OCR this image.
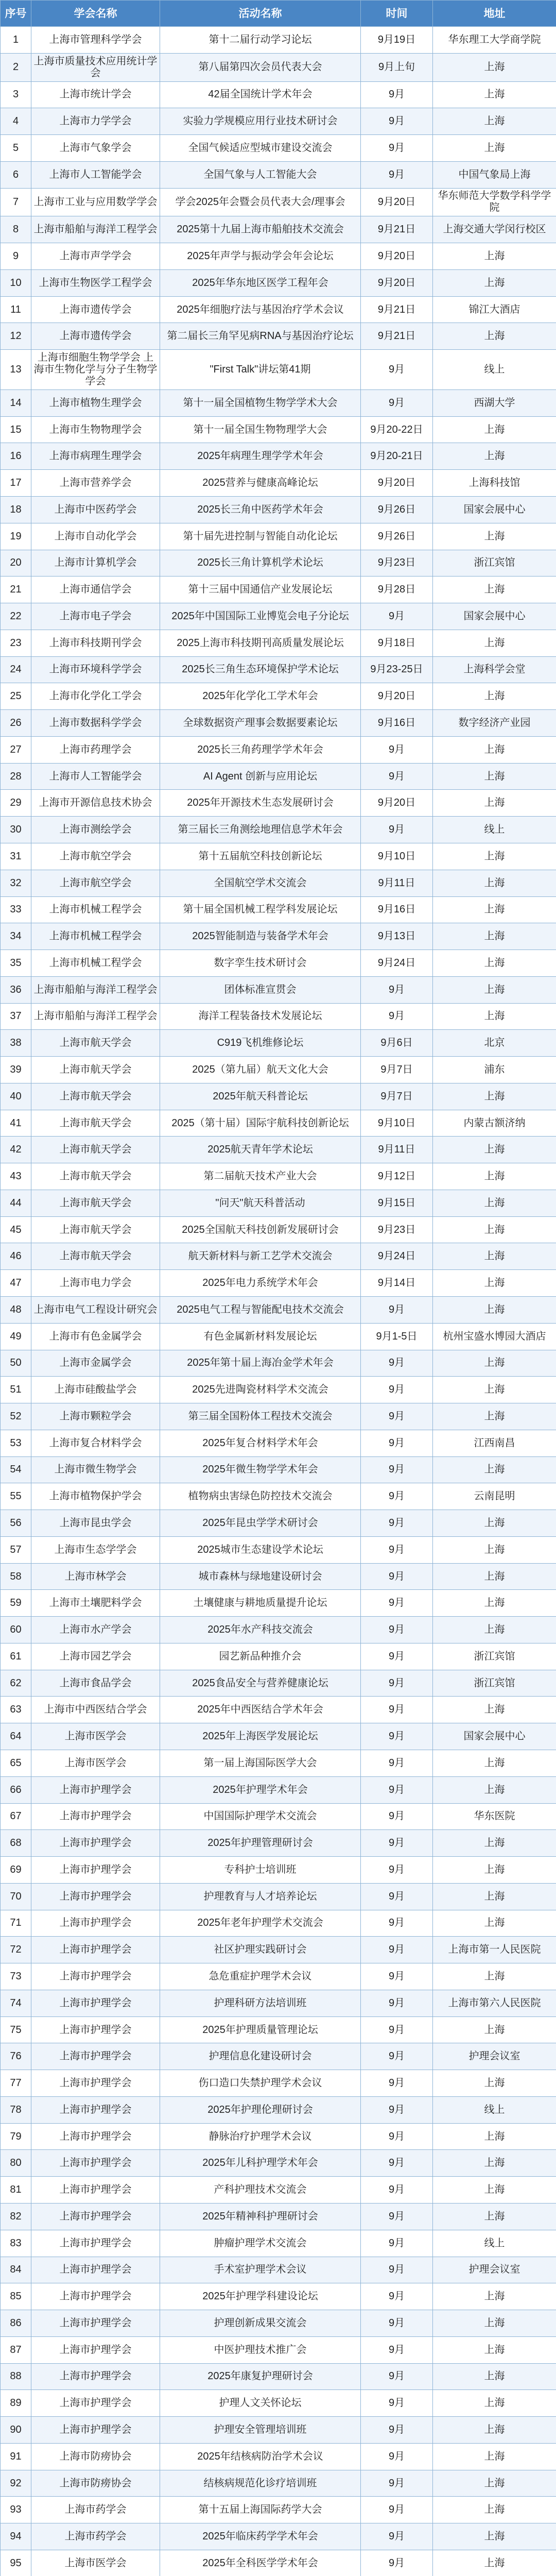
序号	学会名称	活动名称	时间	地址
1	上海市管理科学学会	第十二届行动学习论坛	9月19日	华东理工大学商学院
2	上海市质量技术应用统计学会	第八届第四次会员代表大会	9月上旬	上海
3	上海市统计学会	42届全国统计学术年会	9月	上海
4	上海市力学学会	实验力学规模应用行业技术研讨会	9月	上海
5	上海市气象学会	全国气候适应型城市建设交流会	9月	上海
6	上海市人工智能学会	全国气象与人工智能大会	9月	中国气象局上海
7	上海市工业与应用数学学会	学会2025年会暨会员代表大会/理事会	9月20日	华东师范大学数学科学学院
8	上海市船舶与海洋工程学会	2025第十九届上海市船舶技术交流会	9月21日	上海交通大学闵行校区
9	上海市声学学会	2025年声学与振动学会年会论坛	9月20日	上海
10	上海市生物医学工程学会	2025年华东地区医学工程年会	9月20日	上海
11	上海市遗传学会	2025年细胞疗法与基因治疗学术会议	9月21日	锦江大酒店
12	上海市遗传学会	第二届长三角罕见病RNA与基因治疗论坛	9月21日	上海
13	上海市细胞生物学学会 上海市生物化学与分子生物学学会	"First Talk"讲坛第41期	9月	线上
14	上海市植物生理学会	第十一届全国植物生物学学术大会	9月	西湖大学
15	上海市生物物理学会	第十一届全国生物物理学大会	9月20-22日	上海
16	上海市病理生理学会	2025年病理生理学学术年会	9月20-21日	上海
17	上海市营养学会	2025营养与健康高峰论坛	9月20日	上海科技馆
18	上海市中医药学会	2025长三角中医药学术年会	9月26日	国家会展中心
19	上海市自动化学会	第十届先进控制与智能自动化论坛	9月26日	上海
20	上海市计算机学会	2025长三角计算机学术论坛	9月23日	浙江宾馆
21	上海市通信学会	第十三届中国通信产业发展论坛	9月28日	上海
22	上海市电子学会	2025年中国国际工业博览会电子分论坛	9月	国家会展中心
23	上海市科技期刊学会	2025上海市科技期刊高质量发展论坛	9月18日	上海
24	上海市环境科学学会	2025长三角生态环境保护学术论坛	9月23-25日	上海科学会堂
25	上海市化学化工学会	2025年化学化工学术年会	9月20日	上海
26	上海市数据科学学会	全球数据资产理事会数据要素论坛	9月16日	数字经济产业园
27	上海市药理学会	2025长三角药理学学术年会	9月	上海
28	上海市人工智能学会	AI Agent 创新与应用论坛	9月	上海
29	上海市开源信息技术协会	2025年开源技术生态发展研讨会	9月20日	上海
30	上海市测绘学会	第三届长三角测绘地理信息学术年会	9月	线上
31	上海市航空学会	第十五届航空科技创新论坛	9月10日	上海
32	上海市航空学会	全国航空学术交流会	9月11日	上海
33	上海市机械工程学会	第十届全国机械工程学科发展论坛	9月16日	上海
34	上海市机械工程学会	2025智能制造与装备学术年会	9月13日	上海
35	上海市机械工程学会	数字孪生技术研讨会	9月24日	上海
36	上海市船舶与海洋工程学会	团体标准宣贯会	9月	上海
37	上海市船舶与海洋工程学会	海洋工程装备技术发展论坛	9月	上海
38	上海市航天学会	C919飞机维修论坛	9月6日	北京
39	上海市航天学会	2025（第九届）航天文化大会	9月7日	浦东
40	上海市航天学会	2025年航天科普论坛	9月7日	上海
41	上海市航天学会	2025（第十届）国际宇航科技创新论坛	9月10日	内蒙古额济纳
42	上海市航天学会	2025航天青年学术论坛	9月11日	上海
43	上海市航天学会	第二届航天技术产业大会	9月12日	上海
44	上海市航天学会	"问天"航天科普活动	9月15日	上海
45	上海市航天学会	2025全国航天科技创新发展研讨会	9月23日	上海
46	上海市航天学会	航天新材料与新工艺学术交流会	9月24日	上海
47	上海市电力学会	2025年电力系统学术年会	9月14日	上海
48	上海市电气工程设计研究会	2025电气工程与智能配电技术交流会	9月	上海
49	上海市有色金属学会	有色金属新材料发展论坛	9月1-5日	杭州宝盛水博园大酒店
50	上海市金属学会	2025年第十届上海冶金学术年会	9月	上海
51	上海市硅酸盐学会	2025先进陶瓷材料学术交流会	9月	上海
52	上海市颗粒学会	第三届全国粉体工程技术交流会	9月	上海
53	上海市复合材料学会	2025年复合材料学术年会	9月	江西南昌
54	上海市微生物学会	2025年微生物学学术年会	9月	上海
55	上海市植物保护学会	植物病虫害绿色防控技术交流会	9月	云南昆明
56	上海市昆虫学会	2025年昆虫学学术研讨会	9月	上海
57	上海市生态学学会	2025城市生态建设学术论坛	9月	上海
58	上海市林学会	城市森林与绿地建设研讨会	9月	上海
59	上海市土壤肥料学会	土壤健康与耕地质量提升论坛	9月	上海
60	上海市水产学会	2025年水产科技交流会	9月	上海
61	上海市园艺学会	园艺新品种推介会	9月	浙江宾馆
62	上海市食品学会	2025食品安全与营养健康论坛	9月	浙江宾馆
63	上海市中西医结合学会	2025年中西医结合学术年会	9月	上海
64	上海市医学会	2025年上海医学发展论坛	9月	国家会展中心
65	上海市医学会	第一届上海国际医学大会	9月	上海
66	上海市护理学会	2025年护理学术年会	9月	上海
67	上海市护理学会	中国国际护理学术交流会	9月	华东医院
68	上海市护理学会	2025年护理管理研讨会	9月	上海
69	上海市护理学会	专科护士培训班	9月	上海
70	上海市护理学会	护理教育与人才培养论坛	9月	上海
71	上海市护理学会	2025年老年护理学术交流会	9月	上海
72	上海市护理学会	社区护理实践研讨会	9月	上海市第一人民医院
73	上海市护理学会	急危重症护理学术会议	9月	上海
74	上海市护理学会	护理科研方法培训班	9月	上海市第六人民医院
75	上海市护理学会	2025年护理质量管理论坛	9月	上海
76	上海市护理学会	护理信息化建设研讨会	9月	护理会议室
77	上海市护理学会	伤口造口失禁护理学术会议	9月	上海
78	上海市护理学会	2025年护理伦理研讨会	9月	线上
79	上海市护理学会	静脉治疗护理学术会议	9月	上海
80	上海市护理学会	2025年儿科护理学术年会	9月	上海
81	上海市护理学会	产科护理技术交流会	9月	上海
82	上海市护理学会	2025年精神科护理研讨会	9月	上海
83	上海市护理学会	肿瘤护理学术交流会	9月	线上
84	上海市护理学会	手术室护理学术会议	9月	护理会议室
85	上海市护理学会	2025年护理学科建设论坛	9月	上海
86	上海市护理学会	护理创新成果交流会	9月	上海
87	上海市护理学会	中医护理技术推广会	9月	上海
88	上海市护理学会	2025年康复护理研讨会	9月	上海
89	上海市护理学会	护理人文关怀论坛	9月	上海
90	上海市护理学会	护理安全管理培训班	9月	上海
91	上海市防痨协会	2025年结核病防治学术会议	9月	上海
92	上海市防痨协会	结核病规范化诊疗培训班	9月	上海
93	上海市药学会	第十五届上海国际药学大会	9月	上海
94	上海市药学会	2025年临床药学学术年会	9月	上海
95	上海市医学会	2025年全科医学学术年会	9月	上海
